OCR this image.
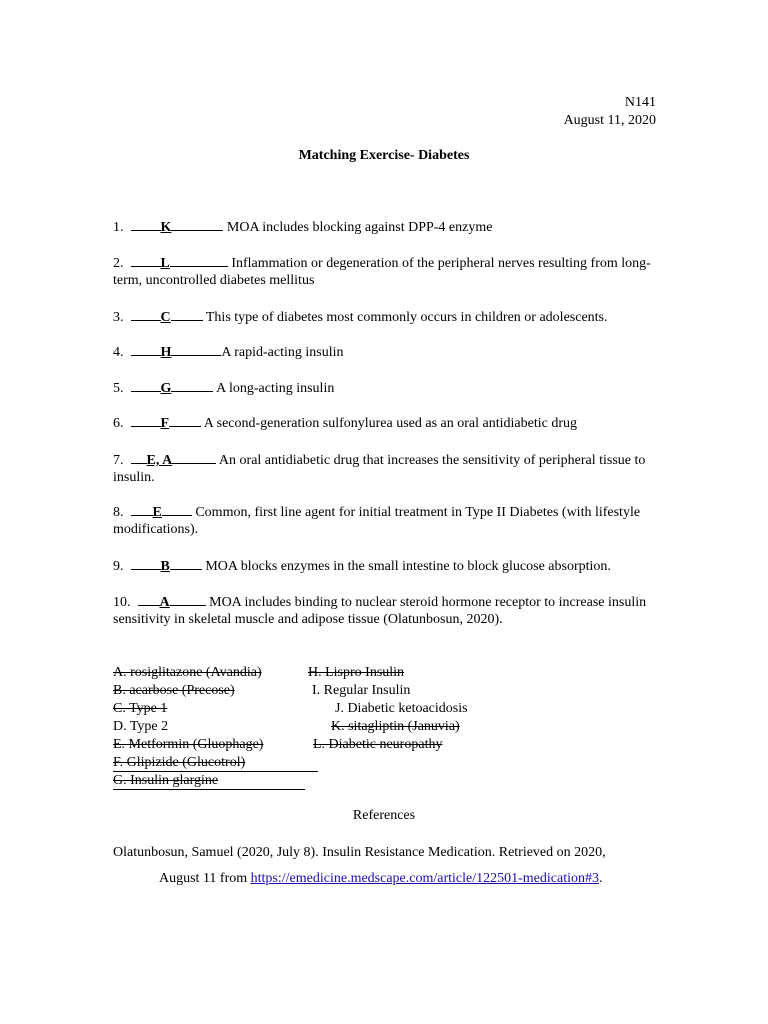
N141
August 11, 2020
Matching Exercise- Diabetes
1.	K	MOA includes blocking against DPP-4 enzyme
2.	L	Inflammation or degeneration of the peripheral nerves resulting from long-term, uncontrolled diabetes mellitus
3.	C	This type of diabetes most commonly occurs in children or adolescents.
4.	H	A rapid-acting insulin
5.	G	A long-acting insulin
6.	F A second-generation sulfonylurea used as an oral antidiabetic drug
7. E, A	An oral antidiabetic drug that increases the sensitivity of peripheral tissue to insulin.
8. E Common, first line agent for initial treatment in Type II Diabetes (with lifestyle modifications).
9.	B	MOA blocks enzymes in the small intestine to block glucose absorption.
10. A	MOA includes binding to nuclear steroid hormone receptor to increase insulin sensitivity in skeletal muscle and adipose tissue (Olatunbosun, 2020).
A. rosiglitazone (Avandia)
B. acarbose (Precose)
C. Type 1
D. Type 2
E. Metformin (Gluophage)
F. Glipizide (Glucotrol)
G. Insulin glargine
H. Lispro Insulin
I. Regular Insulin
J. Diabetic ketoacidosis
K. sitagliptin (Januvia)
L. Diabetic neuropathy
References
Olatunbosun, Samuel (2020, July 8). Insulin Resistance Medication. Retrieved on 2020,
August 11 from https://emedicine.medscape.com/article/122501-medication#3.
